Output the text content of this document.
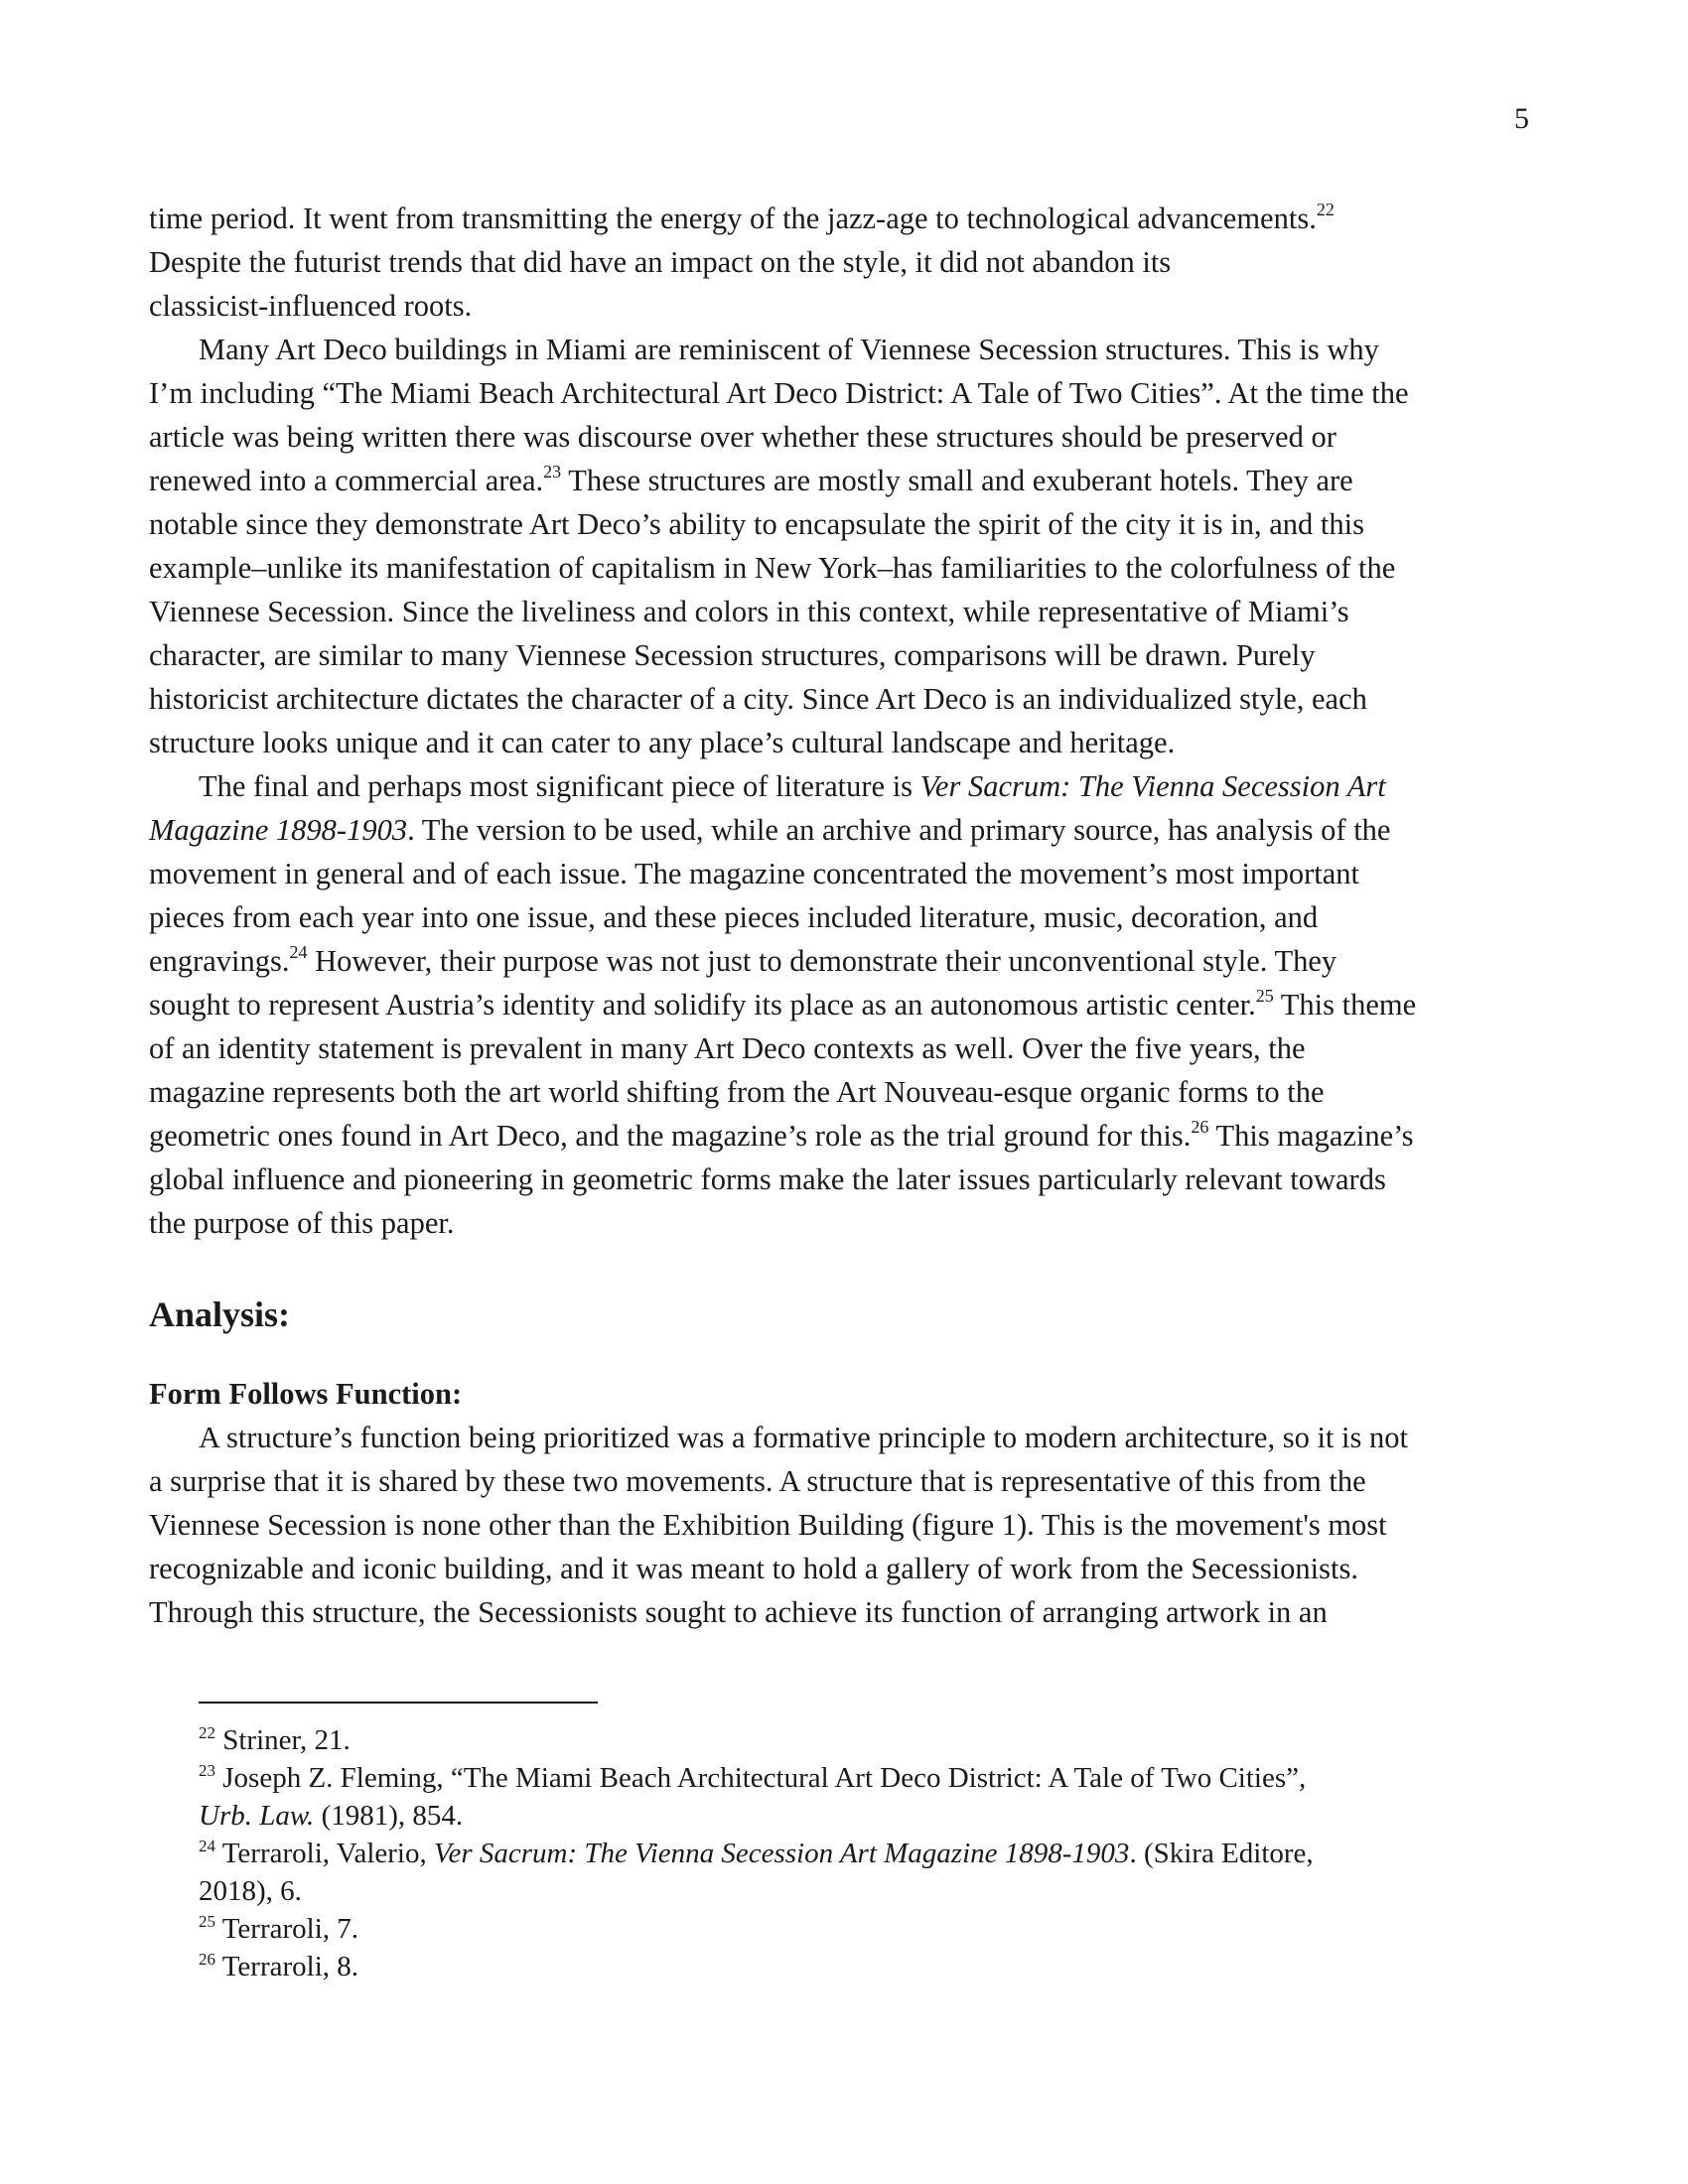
5
time period. It went from transmitting the energy of the jazz-age to technological advancements.$^{22}$
Despite the futurist trends that did have an impact on the style, it did not abandon its
classicist-influenced roots.
Many Art Deco buildings in Miami are reminiscent of Viennese Secession structures. This is why
I’m including “The Miami Beach Architectural Art Deco District: A Tale of Two Cities”. At the time the
article was being written there was discourse over whether these structures should be preserved or
renewed into a commercial area.$^{23}$ These structures are mostly small and exuberant hotels. They are
notable since they demonstrate Art Deco’s ability to encapsulate the spirit of the city it is in, and this
example–unlike its manifestation of capitalism in New York–has familiarities to the colorfulness of the
Viennese Secession. Since the liveliness and colors in this context, while representative of Miami’s
character, are similar to many Viennese Secession structures, comparisons will be drawn. Purely
historicist architecture dictates the character of a city. Since Art Deco is an individualized style, each
structure looks unique and it can cater to any place’s cultural landscape and heritage.
The final and perhaps most significant piece of literature is Ver Sacrum: The Vienna Secession Art
Magazine 1898-1903. The version to be used, while an archive and primary source, has analysis of the
movement in general and of each issue. The magazine concentrated the movement’s most important
pieces from each year into one issue, and these pieces included literature, music, decoration, and
engravings.$^{24}$ However, their purpose was not just to demonstrate their unconventional style. They
sought to represent Austria’s identity and solidify its place as an autonomous artistic center.$^{25}$ This theme
of an identity statement is prevalent in many Art Deco contexts as well. Over the five years, the
magazine represents both the art world shifting from the Art Nouveau-esque organic forms to the
geometric ones found in Art Deco, and the magazine’s role as the trial ground for this.$^{26}$ This magazine’s
global influence and pioneering in geometric forms make the later issues particularly relevant towards
the purpose of this paper.
Analysis:
Form Follows Function:
A structure’s function being prioritized was a formative principle to modern architecture, so it is not
a surprise that it is shared by these two movements. A structure that is representative of this from the
Viennese Secession is none other than the Exhibition Building (figure 1). This is the movement's most
recognizable and iconic building, and it was meant to hold a gallery of work from the Secessionists.
Through this structure, the Secessionists sought to achieve its function of arranging artwork in an
$^{22}$ Striner, 21.
$^{23}$ Joseph Z. Fleming, “The Miami Beach Architectural Art Deco District: A Tale of Two Cities”,
Urb. Law. (1981), 854.
$^{24}$ Terraroli, Valerio, Ver Sacrum: The Vienna Secession Art Magazine 1898-1903. (Skira Editore,
2018), 6.
$^{25}$ Terraroli, 7.
$^{26}$ Terraroli, 8.
